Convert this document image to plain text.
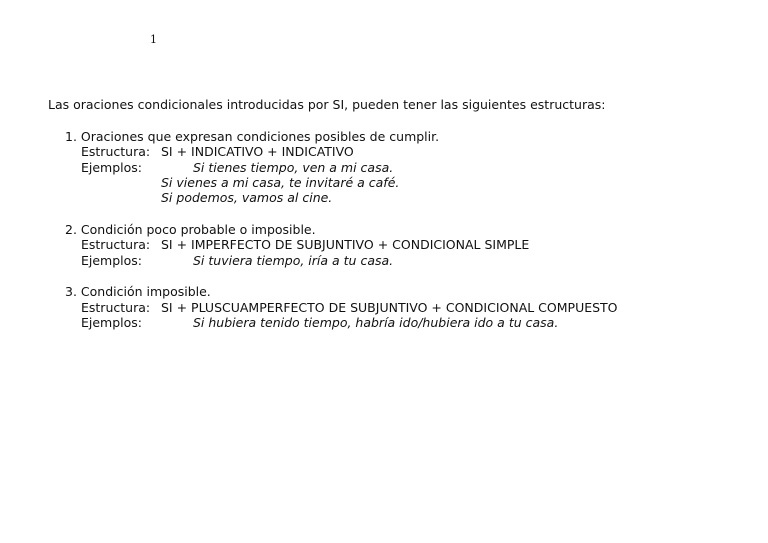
1
Las oraciones condicionales introducidas por SI, pueden tener las siguientes estructuras:
1. Oraciones que expresan condiciones posibles de cumplir.
Estructura: SI + INDICATIVO + INDICATIVO
Ejemplos:	Si tienes tiempo, ven a mi casa.
Si vienes a mi casa, te invitaré a café.
Si podemos, vamos al cine.
2. Condición poco probable o imposible.
Estructura: SI + IMPERFECTO DE SUBJUNTIVO + CONDICIONAL SIMPLE
Ejemplos:	Si tuviera tiempo, iría a tu casa.
3. Condición imposible.
Estructura: SI + PLUSCUAMPERFECTO DE SUBJUNTIVO + CONDICIONAL COMPUESTO
Ejemplos:	Si hubiera tenido tiempo, habría ido/hubiera ido a tu casa.
